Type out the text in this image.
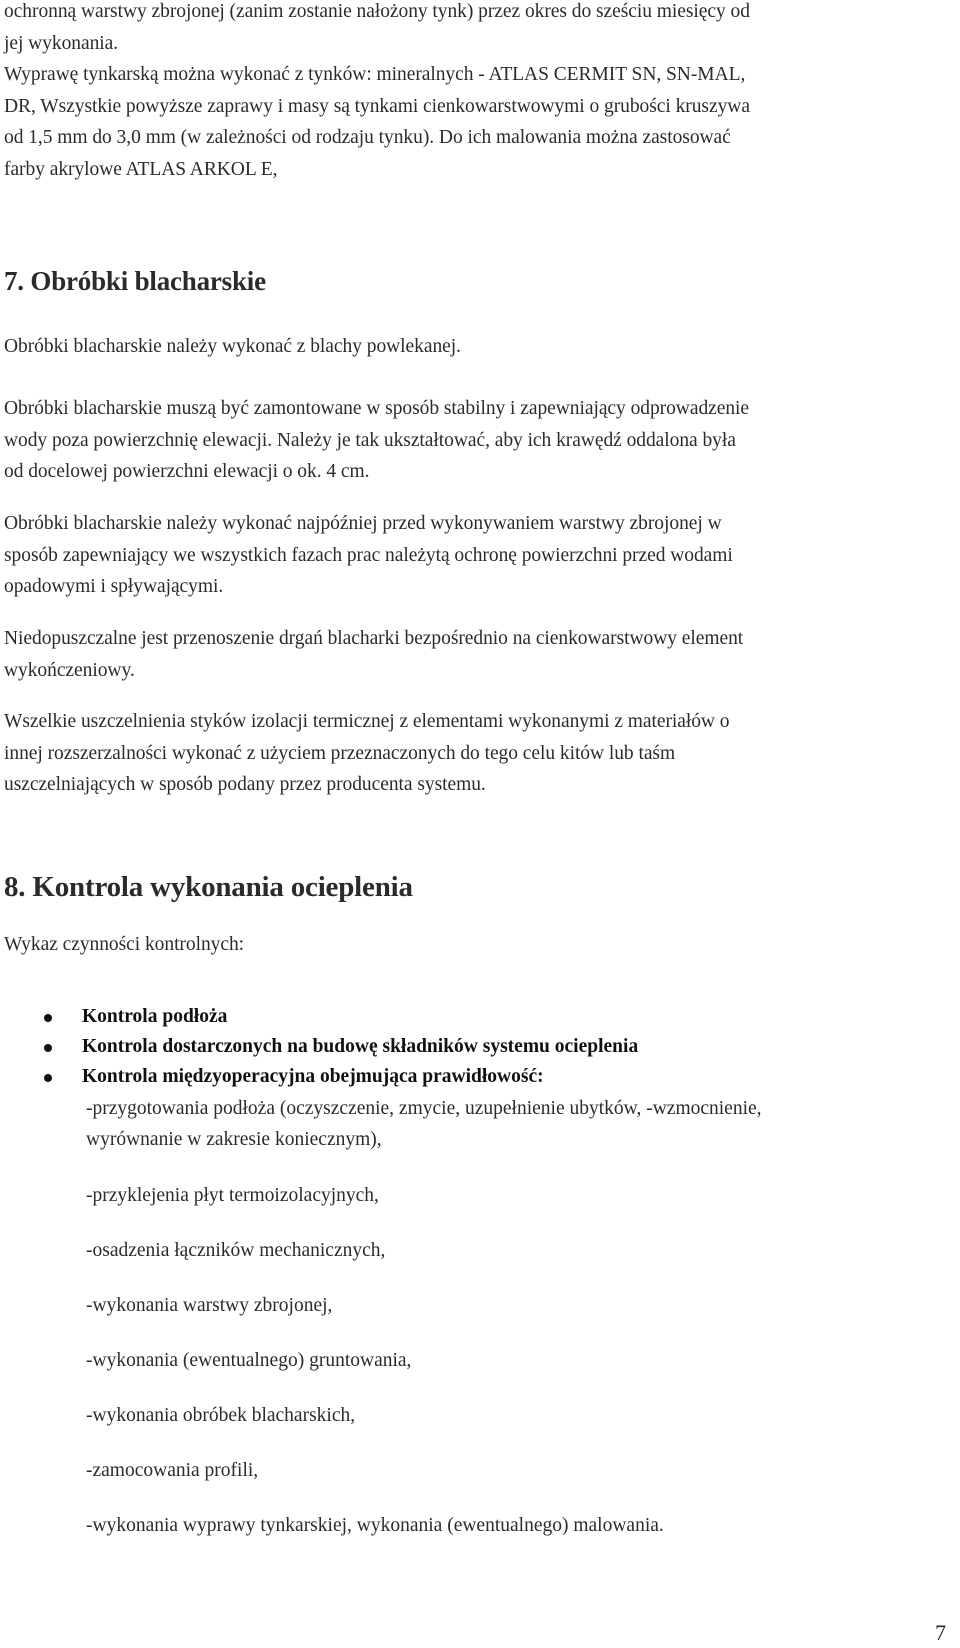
ochronną warstwy zbrojonej (zanim zostanie nałożony tynk) przez okres do sześciu miesięcy od

jej wykonania.

Wyprawę tynkarską można wykonać z tynków: mineralnych - ATLAS CERMIT SN, SN-MAL,

DR, Wszystkie powyższe zaprawy i masy są tynkami cienkowarstwowymi o grubości kruszywa

od 1,5 mm do 3,0 mm (w zależności od rodzaju tynku). Do ich malowania można zastosować

farby akrylowe ATLAS ARKOL E,

7. Obróbki blacharskie

Obróbki blacharskie należy wykonać z blachy powlekanej.

Obróbki blacharskie muszą być zamontowane w sposób stabilny i zapewniający odprowadzenie

wody poza powierzchnię elewacji. Należy je tak ukształtować, aby ich krawędź oddalona była

od docelowej powierzchni elewacji o ok. 4 cm.

Obróbki blacharskie należy wykonać najpóźniej przed wykonywaniem warstwy zbrojonej w

sposób zapewniający we wszystkich fazach prac należytą ochronę powierzchni przed wodami

opadowymi i spływającymi.

Niedopuszczalne jest przenoszenie drgań blacharki bezpośrednio na cienkowarstwowy element

wykończeniowy.

Wszelkie uszczelnienia styków izolacji termicznej z elementami wykonanymi z materiałów o

innej rozszerzalności wykonać z użyciem przeznaczonych do tego celu kitów lub taśm

uszczelniających w sposób podany przez producenta systemu.

8. Kontrola wykonania ocieplenia

Wykaz czynności kontrolnych:

Kontrola podłoża
Kontrola dostarczonych na budowę składników systemu ocieplenia
Kontrola międzyoperacyjna obejmująca prawidłowość:
-przygotowania podłoża (oczyszczenie, zmycie, uzupełnienie ubytków, -wzmocnienie,
wyrównanie w zakresie koniecznym),
-przyklejenia płyt termoizolacyjnych,
-osadzenia łączników mechanicznych,
-wykonania warstwy zbrojonej,
-wykonania (ewentualnego) gruntowania,
-wykonania obróbek blacharskich,
-zamocowania profili,
-wykonania wyprawy tynkarskiej, wykonania (ewentualnego) malowania.
7
